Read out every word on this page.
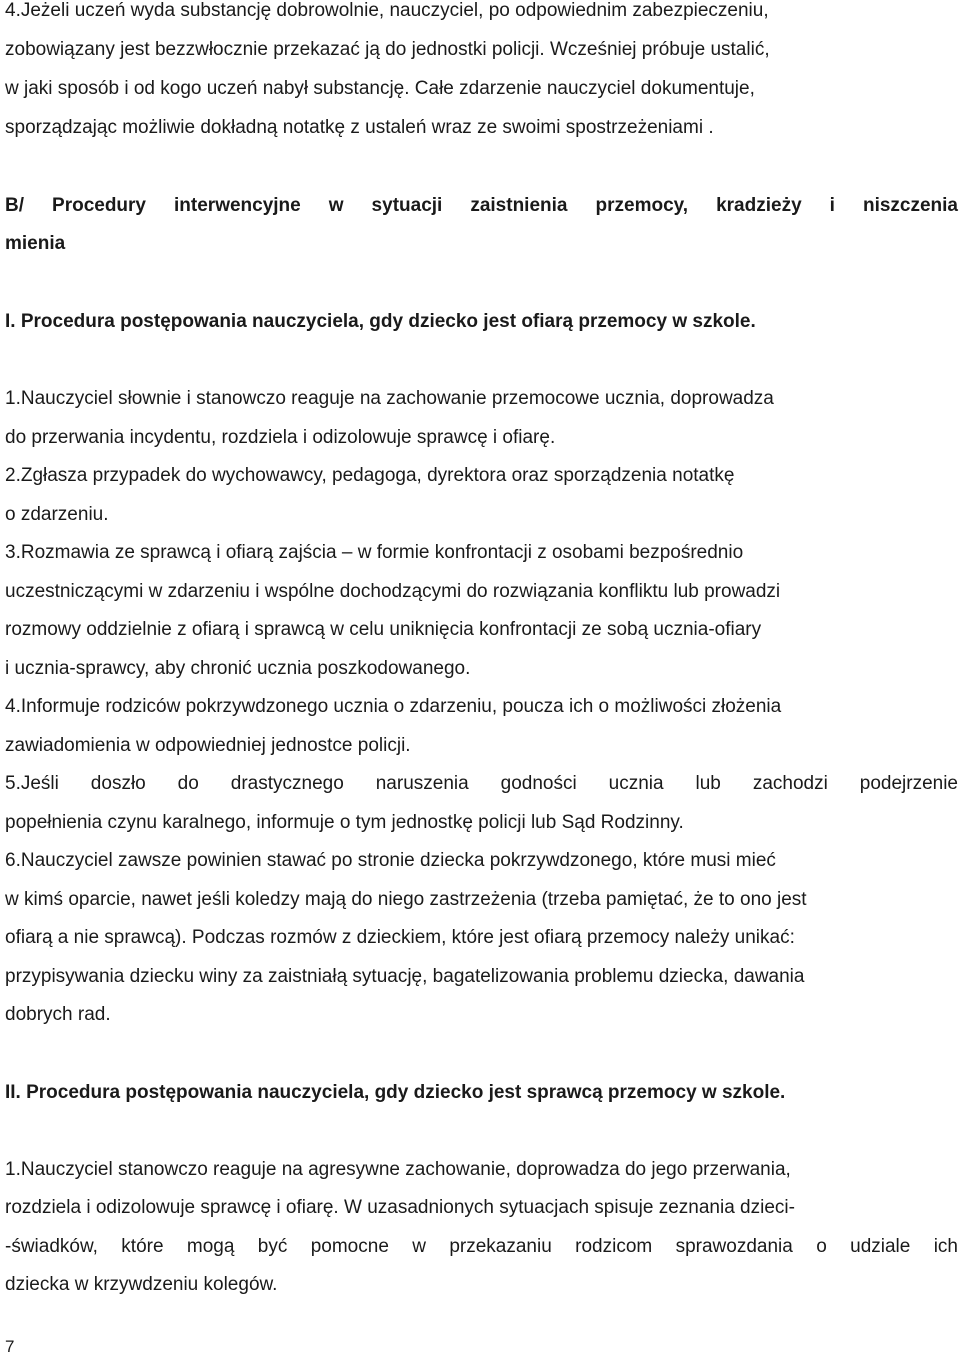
4.Jeżeli uczeń wyda substancję dobrowolnie, nauczyciel, po odpowiednim zabezpieczeniu,

zobowiązany jest bezzwłocznie przekazać ją do jednostki policji. Wcześniej próbuje ustalić,

w jaki sposób i od kogo uczeń nabył substancję. Całe zdarzenie nauczyciel dokumentuje,

sporządzając możliwie dokładną notatkę z ustaleń wraz ze swoimi spostrzeżeniami .

B/ Procedury interwencyjne w sytuacji zaistnienia przemocy, kradzieży i niszczenia

mienia

I. Procedura postępowania nauczyciela, gdy dziecko jest ofiarą przemocy w szkole.

1.Nauczyciel słownie i stanowczo reaguje na zachowanie przemocowe ucznia, doprowadza

do przerwania incydentu, rozdziela i odizolowuje sprawcę i ofiarę.

2.Zgłasza przypadek do wychowawcy, pedagoga, dyrektora oraz sporządzenia notatkę

o zdarzeniu.

3.Rozmawia ze sprawcą i ofiarą zajścia – w formie konfrontacji z osobami bezpośrednio

uczestniczącymi w zdarzeniu i wspólne dochodzącymi do rozwiązania konfliktu lub prowadzi

rozmowy oddzielnie z ofiarą i sprawcą w celu uniknięcia konfrontacji ze sobą ucznia-ofiary

i ucznia-sprawcy, aby chronić ucznia poszkodowanego.

4.Informuje rodziców pokrzywdzonego ucznia o zdarzeniu, poucza ich o możliwości złożenia

zawiadomienia w odpowiedniej jednostce policji.

5.Jeśli doszło do drastycznego naruszenia godności ucznia lub zachodzi podejrzenie

popełnienia czynu karalnego, informuje o tym jednostkę policji lub Sąd Rodzinny.

6.Nauczyciel zawsze powinien stawać po stronie dziecka pokrzywdzonego, które musi mieć

w kimś oparcie, nawet jeśli koledzy mają do niego zastrzeżenia (trzeba pamiętać, że to ono jest

ofiarą a nie sprawcą). Podczas rozmów z dzieckiem, które jest ofiarą przemocy należy unikać:

przypisywania dziecku winy za zaistniałą sytuację, bagatelizowania problemu dziecka, dawania

dobrych rad.

II. Procedura postępowania nauczyciela, gdy dziecko jest sprawcą przemocy w szkole.

1.Nauczyciel stanowczo reaguje na agresywne zachowanie, doprowadza do jego przerwania,

rozdziela i odizolowuje sprawcę i ofiarę. W uzasadnionych sytuacjach spisuje zeznania dzieci-

-świadków, które mogą być pomocne w przekazaniu rodzicom sprawozdania o udziale ich

dziecka w krzywdzeniu kolegów.

7
